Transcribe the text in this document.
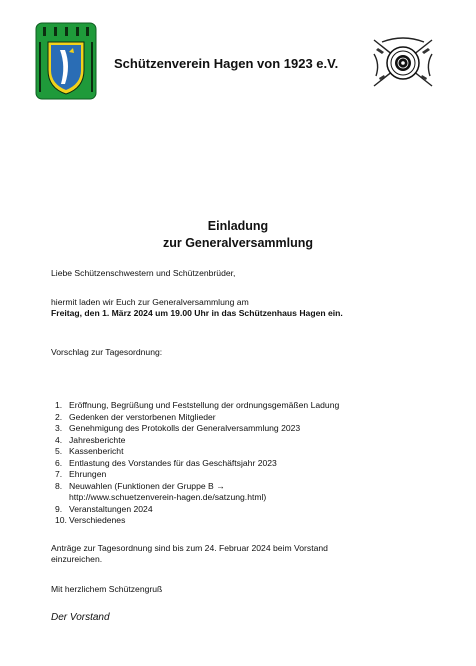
Schützenverein Hagen von 1923 e.V.
Einladung
zur Generalversammlung
Liebe Schützenschwestern und Schützenbrüder,
hiermit laden wir Euch zur Generalversammlung am
Freitag, den 1. März 2024 um 19.00 Uhr in das Schützenhaus Hagen ein.
Vorschlag zur Tagesordnung:
1. Eröffnung, Begrüßung und Feststellung der ordnungsgemäßen Ladung
2. Gedenken der verstorbenen Mitglieder
3. Genehmigung des Protokolls der Generalversammlung 2023
4. Jahresberichte
5. Kassenbericht
6. Entlastung des Vorstandes für das Geschäftsjahr 2023
7. Ehrungen
8. Neuwahlen (Funktionen der Gruppe B →
http://www.schuetzenverein-hagen.de/satzung.html)
9. Veranstaltungen 2024
10. Verschiedenes
Anträge zur Tagesordnung sind bis zum 24. Februar 2024 beim Vorstand
einzureichen.
Mit herzlichem Schützengruß
Der Vorstand
